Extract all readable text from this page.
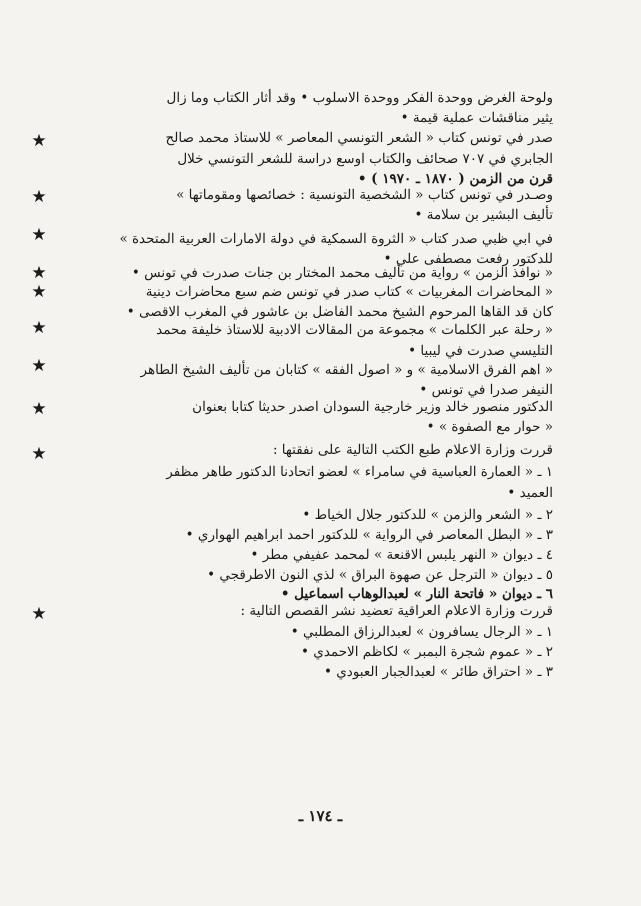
ولوحة الغرض ووحدة الفكر ووحدة الاسلوب • وقد أثار الكتاب وما زال
يثير مناقشات عملية قيمة •
★	صدر في تونس كتاب « الشعر التونسي المعاصر » للاستاذ محمد صالح
الجابري في ٧٠٧ صحائف والكتاب اوسع دراسة للشعر التونسي خلال
قرن من الزمن ( ١٨٧٠ ـ ١٩٧٠ ) •
★	وصـدر في تونس كتاب « الشخصية التونسية : خصائصها ومقوماتها »
تأليف البشير بن سلامة •
★	في ابي ظبي صدر كتاب « الثروة السمكية في دولة الامارات العربية المتحدة »
للدكتور رفعت مصطفى علي •
★	« نوافذ الزمن » رواية من تأليف محمد المختار بن جنات صدرت في تونس •
★	« المحاضرات المغربيات » كتاب صدر في تونس ضم سبع محاضرات دينية
كان قد القاها المرحوم الشيخ محمد الفاضل بن عاشور في المغرب الاقصى •
★	« رحلة عبر الكلمات » مجموعة من المقالات الادبية للاستاذ خليفة محمد
التليسي صدرت في ليبيا •
★	« اهم الفرق الاسلامية » و « اصول الفقه » كتابان من تأليف الشيخ الطاهر
النيفر صدرا في تونس •
★	الدكتور منصور خالد وزير خارجية السودان اصدر حديثا كتابا بعنوان
« حوار مع الصفوة » •
★	قررت وزارة الاعلام طبع الكتب التالية على نفقتها :
١ ـ « العمارة العباسية في سامراء » لعضو اتحادنا الدكتور طاهر مظفر
العميد •
٢ ـ « الشعر والزمن » للدكتور جلال الخياط •
٣ ـ « البطل المعاصر في الرواية » للدكتور احمد ابراهيم الهواري •
٤ ـ ديوان « النهر يلبس الاقنعة » لمحمد عفيفي مطر •
٥ ـ ديوان « الترجل عن صهوة البراق » لذي النون الاطرقجي •
٦ ـ ديوان « فاتحة النار » لعبدالوهاب اسماعيل •
★	قررت وزارة الاعلام العراقية تعضيد نشر القصص التالية :
١ ـ « الرجال يسافرون » لعبدالرزاق المطلبي •
٢ ـ « عموم شجرة البمبر » لكاظم الاحمدي •
٣ ـ « احتراق طائر » لعبدالجبار العبودي •
ـ ١٧٤ ـ
